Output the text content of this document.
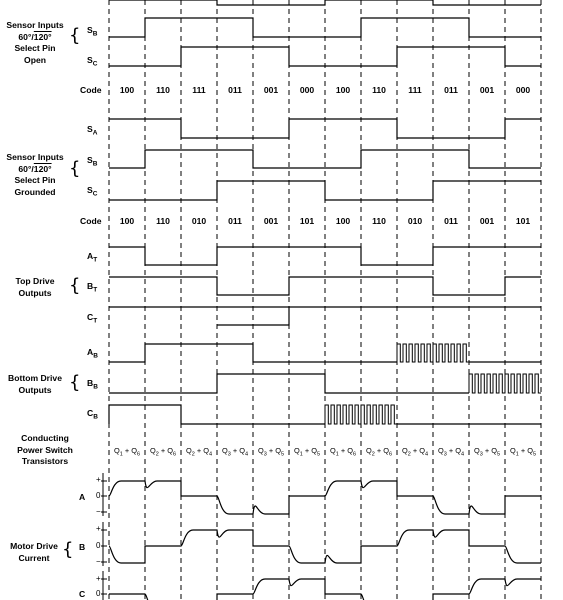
Sensor Inputs
60°/120°
Select Pin
Open
Sensor Inputs
60°/120°
Select Pin
Grounded
Top Drive
Outputs
Bottom Drive
Outputs
Conducting
Power Switch
Transistors
Motor Drive
Current
{
{
{
{
{
$S_B$
$S_C$
Code
$S_A$
$S_B$
$S_C$
Code
$A_T$
$B_T$
$C_T$
$A_B$
$B_B$
$C_B$
100	110	111	011	001	000	100	110	111	011	001	000
100	110	010	011	001	101	100	110	010	011	001	101
$Q_1 + Q_6$	$Q_2 + Q_6$	$Q_2 + Q_4$	$Q_3 + Q_4$	$Q_3 + Q_5$	$Q_1 + Q_5$	$Q_1 + Q_6$	$Q_2 + Q_6$	$Q_2 + Q_4$	$Q_3 + Q_4$	$Q_3 + Q_5$	$Q_1 + Q_5$
A
B
C
+
0
−
+
0
−
+
0
